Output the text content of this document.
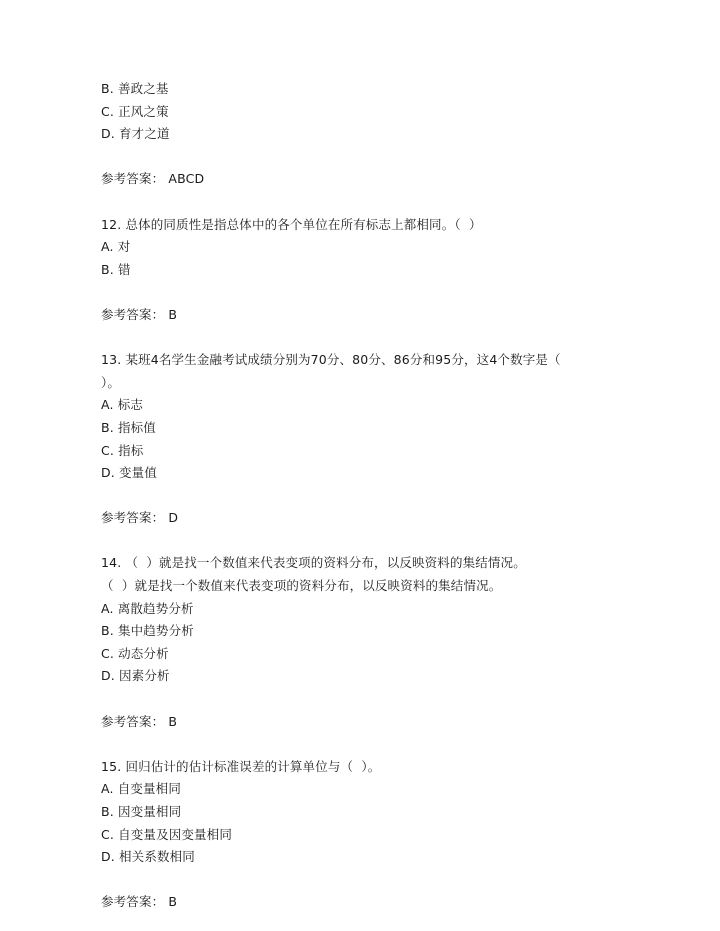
B. 善政之基
C. 正风之策
D. 育才之道
参考答案： ABCD
12. 总体的同质性是指总体中的各个单位在所有标志上都相同。（  ）
A. 对
B. 错
参考答案： B
13. 某班4名学生金融考试成绩分别为70分、80分、86分和95分，这4个数字是（
）。
A. 标志
B. 指标值
C. 指标
D. 变量值
参考答案： D
14. （  ）就是找一个数值来代表变项的资料分布，以反映资料的集结情况。
（  ）就是找一个数值来代表变项的资料分布，以反映资料的集结情况。
A. 离散趋势分析
B. 集中趋势分析
C. 动态分析
D. 因素分析
参考答案： B
15. 回归估计的估计标准误差的计算单位与（  ）。
A. 自变量相同
B. 因变量相同
C. 自变量及因变量相同
D. 相关系数相同
参考答案： B
